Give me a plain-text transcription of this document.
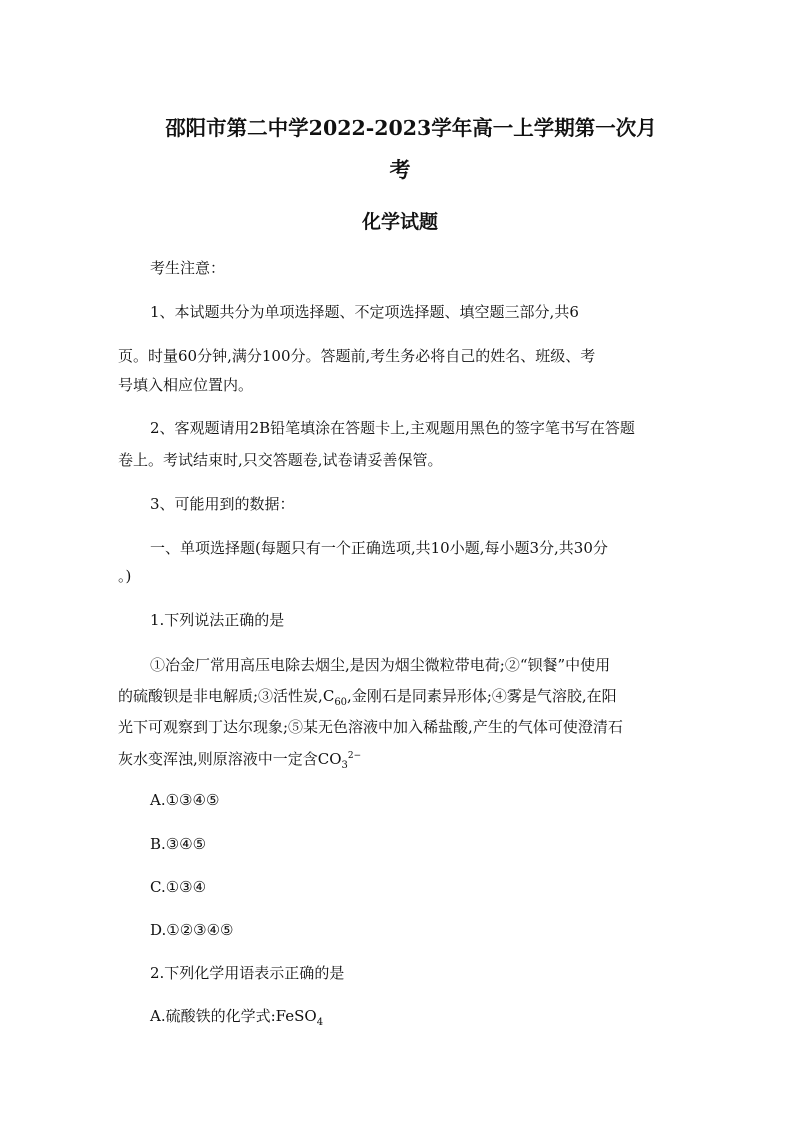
邵阳市第二中学2022-2023学年高一上学期第一次月
考
化学试题

考生注意：

1、本试题共分为单项选择题、不定项选择题、填空题三部分,共6

页。时量60分钟,满分100分。答题前,考生务必将自己的姓名、班级、考

号填入相应位置内。

2、客观题请用2B铅笔填涂在答题卡上,主观题用黑色的签字笔书写在答题

卷上。考试结束时,只交答题卷,试卷请妥善保管。

3、可能用到的数据：

一、单项选择题(每题只有一个正确选项,共10小题,每小题3分,共30分

。)

1.下列说法正确的是

①冶金厂常用高压电除去烟尘,是因为烟尘微粒带电荷;②“钡餐”中使用

的硫酸钡是非电解质;③活性炭$,C_{60}$,金刚石是同素异形体;④雾是气溶胶,在阳

光下可观察到丁达尔现象;⑤某无色溶液中加入稀盐酸,产生的气体可使澄清石

灰水变浑浊,则原溶液中一定含$CO_3^{2-}$

A.①③④⑤

B.③④⑤

C.①③④

D.①②③④⑤

2.下列化学用语表示正确的是

A.硫酸铁的化学式:FeSO$_4$
